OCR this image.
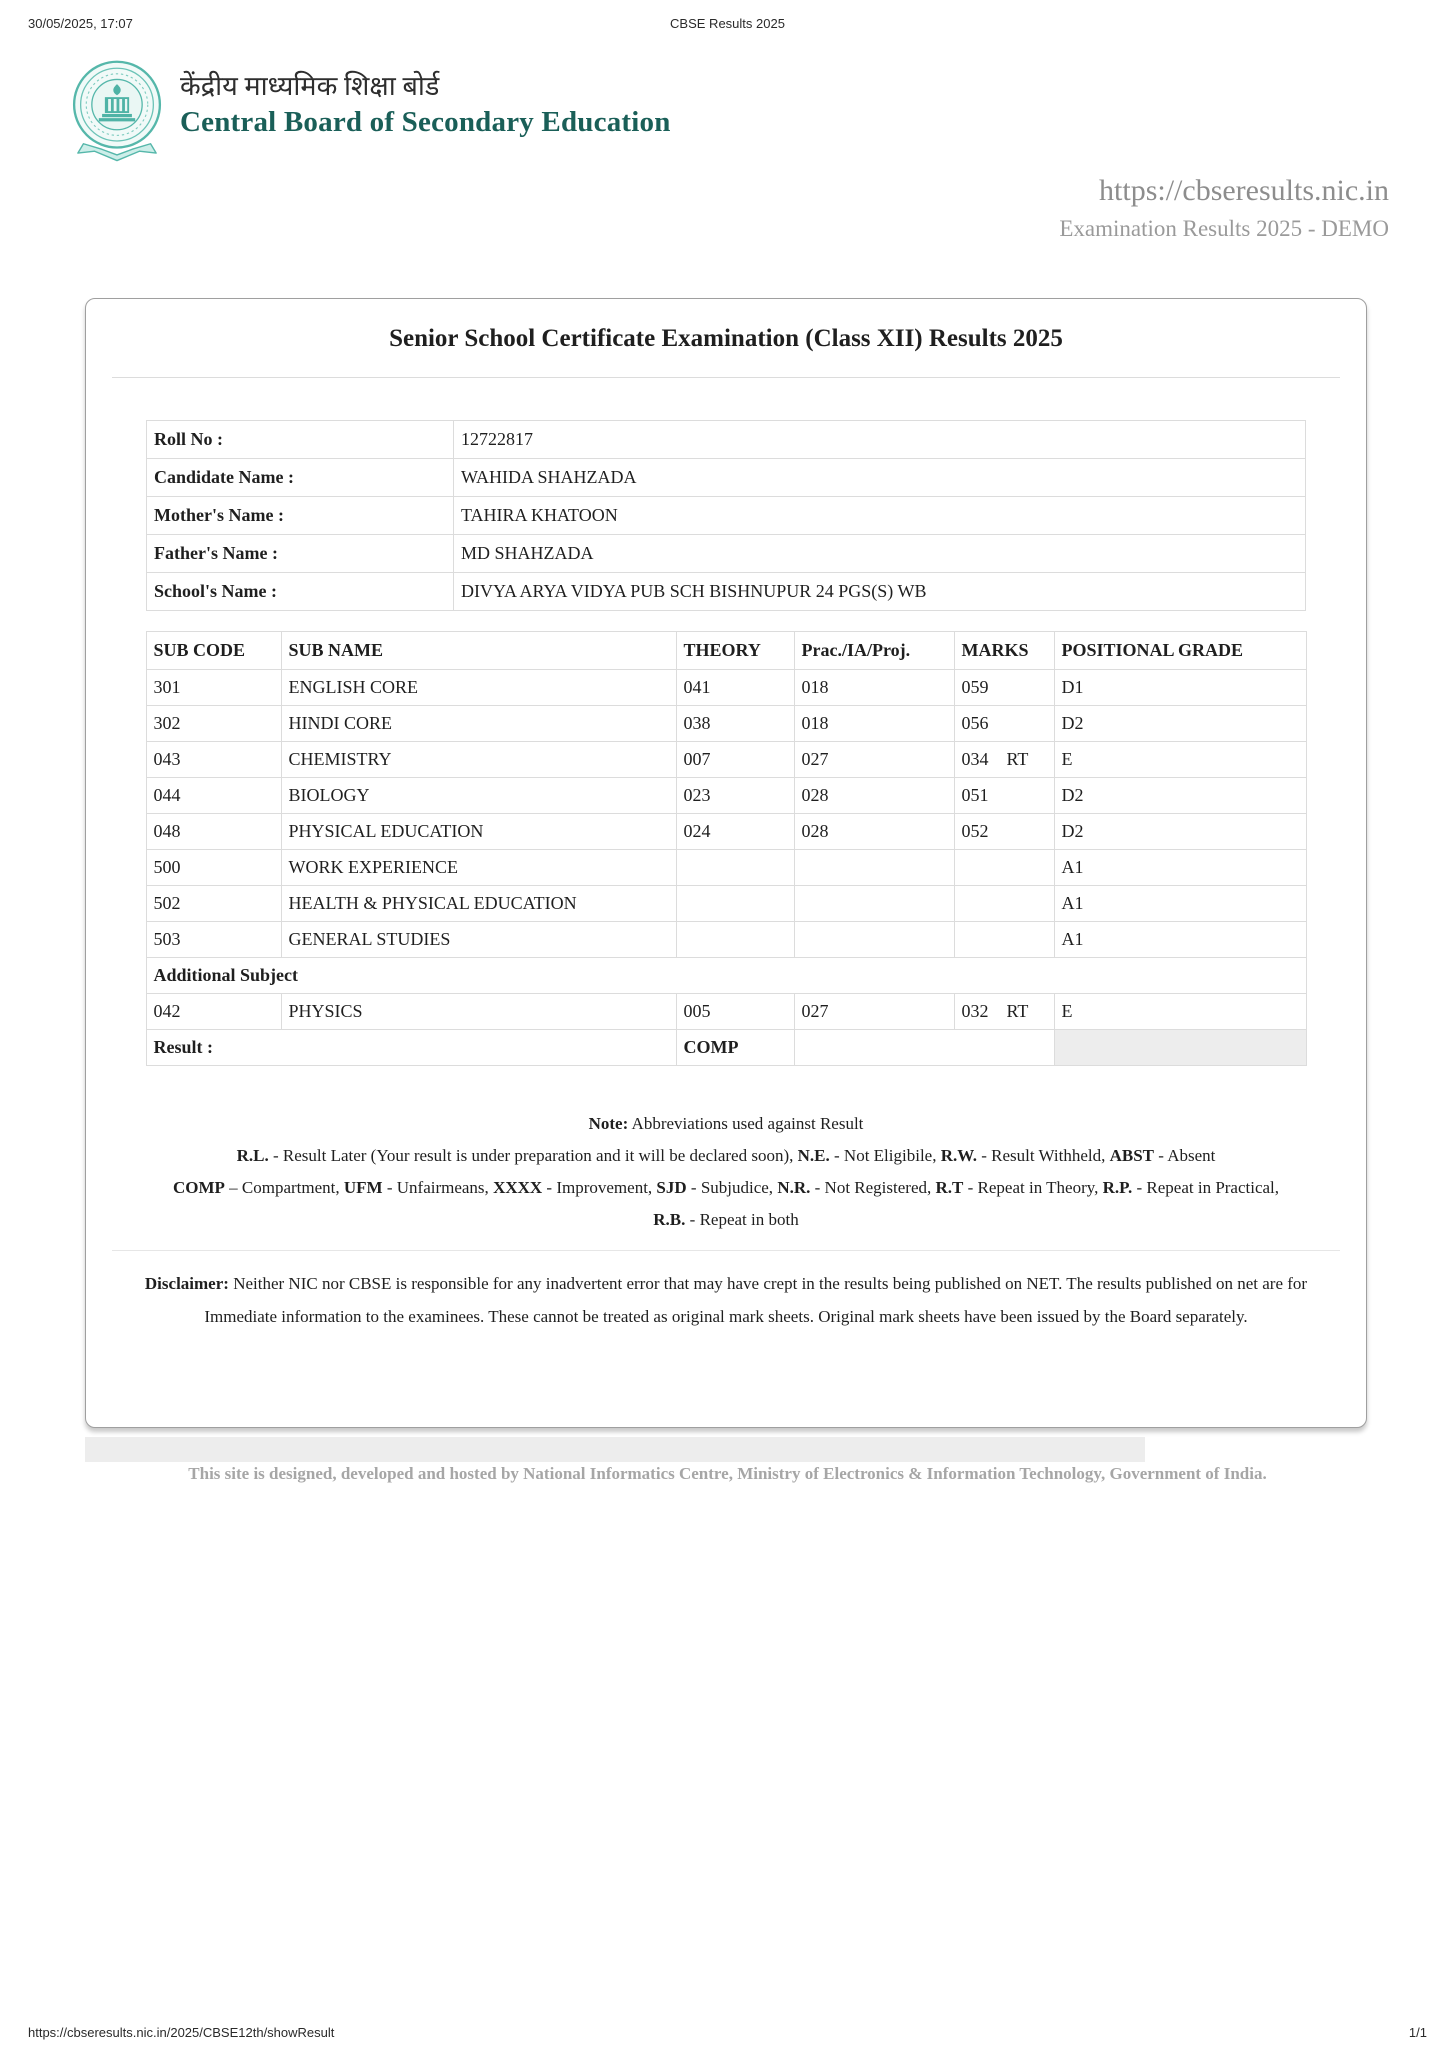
30/05/2025, 17:07	CBSE Results 2025
केंद्रीय माध्यमिक शिक्षा बोर्ड
Central Board of Secondary Education
https://cbseresults.nic.in
Examination Results 2025 - DEMO
Senior School Certificate Examination (Class XII) Results 2025
Roll No :	12722817
Candidate Name :	WAHIDA SHAHZADA
Mother's Name :	TAHIRA KHATOON
Father's Name :	MD SHAHZADA
School's Name :	DIVYA ARYA VIDYA PUB SCH BISHNUPUR 24 PGS(S) WB
SUB CODE	SUB NAME	THEORY	Prac./IA/Proj.	MARKS	POSITIONAL GRADE
301	ENGLISH CORE	041	018	059	D1
302	HINDI CORE	038	018	056	D2
043	CHEMISTRY	007	027	034 RT	E
044	BIOLOGY	023	028	051	D2
048	PHYSICAL EDUCATION	024	028	052	D2
500	WORK EXPERIENCE				A1
502	HEALTH & PHYSICAL EDUCATION				A1
503	GENERAL STUDIES				A1
Additional Subject					
042	PHYSICS	005	027	032 RT	E
Result :		COMP			

Note: Abbreviations used against Result

R.L. - Result Later (Your result is under preparation and it will be declared soon), N.E. - Not Eligibile, R.W. - Result Withheld, ABST - Absent

COMP – Compartment, UFM - Unfairmeans, XXXX - Improvement, SJD - Subjudice, N.R. - Not Registered, R.T - Repeat in Theory, R.P. - Repeat in Practical, R.B. - Repeat in both

Disclaimer: Neither NIC nor CBSE is responsible for any inadvertent error that may have crept in the results being published on NET. The results published on net are for Immediate information to the examinees. These cannot be treated as original mark sheets. Original mark sheets have been issued by the Board separately.
This site is designed, developed and hosted by National Informatics Centre, Ministry of Electronics & Information Technology, Government of India.
https://cbseresults.nic.in/2025/CBSE12th/showResult	1/1
